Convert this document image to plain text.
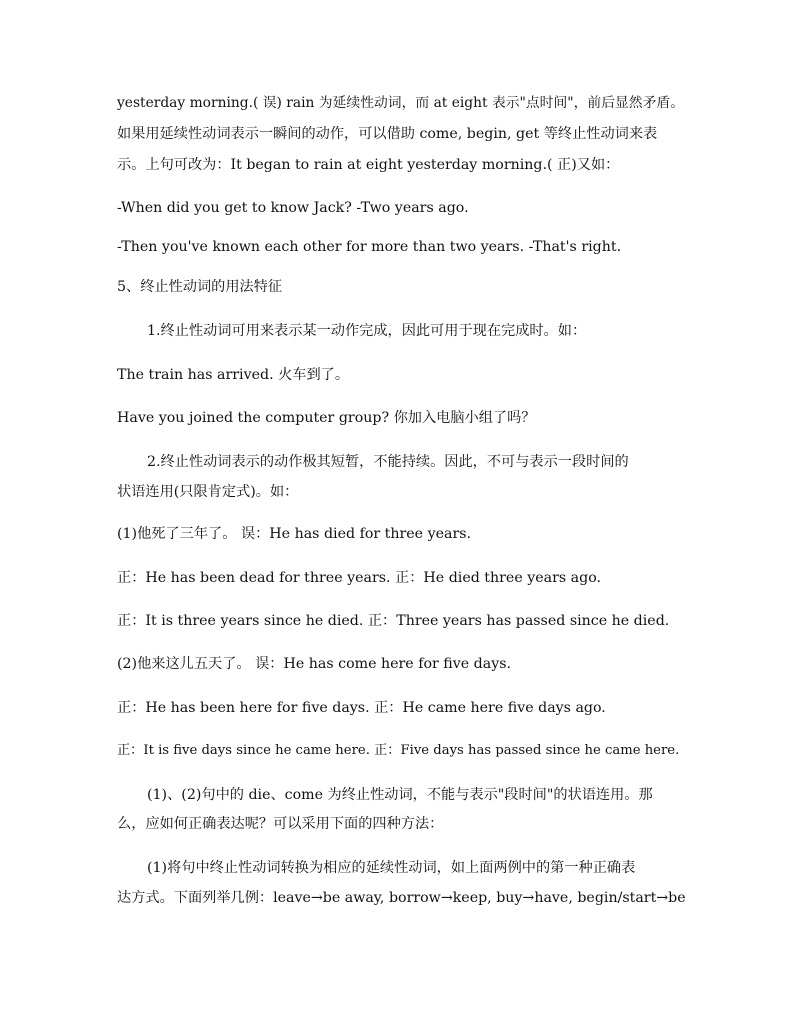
yesterday morning.( 误) rain 为延续性动词，而 at eight 表示"点时间"，前后显然矛盾。
如果用延续性动词表示一瞬间的动作，可以借助 come, begin, get 等终止性动词来表
示。上句可改为：It began to rain at eight yesterday morning.( 正)又如：
-When did you get to know Jack? -Two years ago.
-Then you've known each other for more than two years. -That's right.
5、终止性动词的用法特征
1.终止性动词可用来表示某一动作完成，因此可用于现在完成时。如：
The train has arrived. 火车到了。
Have you joined the computer group? 你加入电脑小组了吗？
2.终止性动词表示的动作极其短暂，不能持续。因此，不可与表示一段时间的
状语连用(只限肯定式)。如：
(1)他死了三年了。 误：He has died for three years.
正：He has been dead for three years. 正：He died three years ago.
正：It is three years since he died. 正：Three years has passed since he died.
(2)他来这儿五天了。 误：He has come here for five days.
正：He has been here for five days. 正：He came here five days ago.
正：It is five days since he came here. 正：Five days has passed since he came here.
(1)、(2)句中的 die、come 为终止性动词，不能与表示"段时间"的状语连用。那
么，应如何正确表达呢？可以采用下面的四种方法：
(1)将句中终止性动词转换为相应的延续性动词，如上面两例中的第一种正确表
达方式。下面列举几例：leave→be away, borrow→keep, buy→have, begin/start→be
